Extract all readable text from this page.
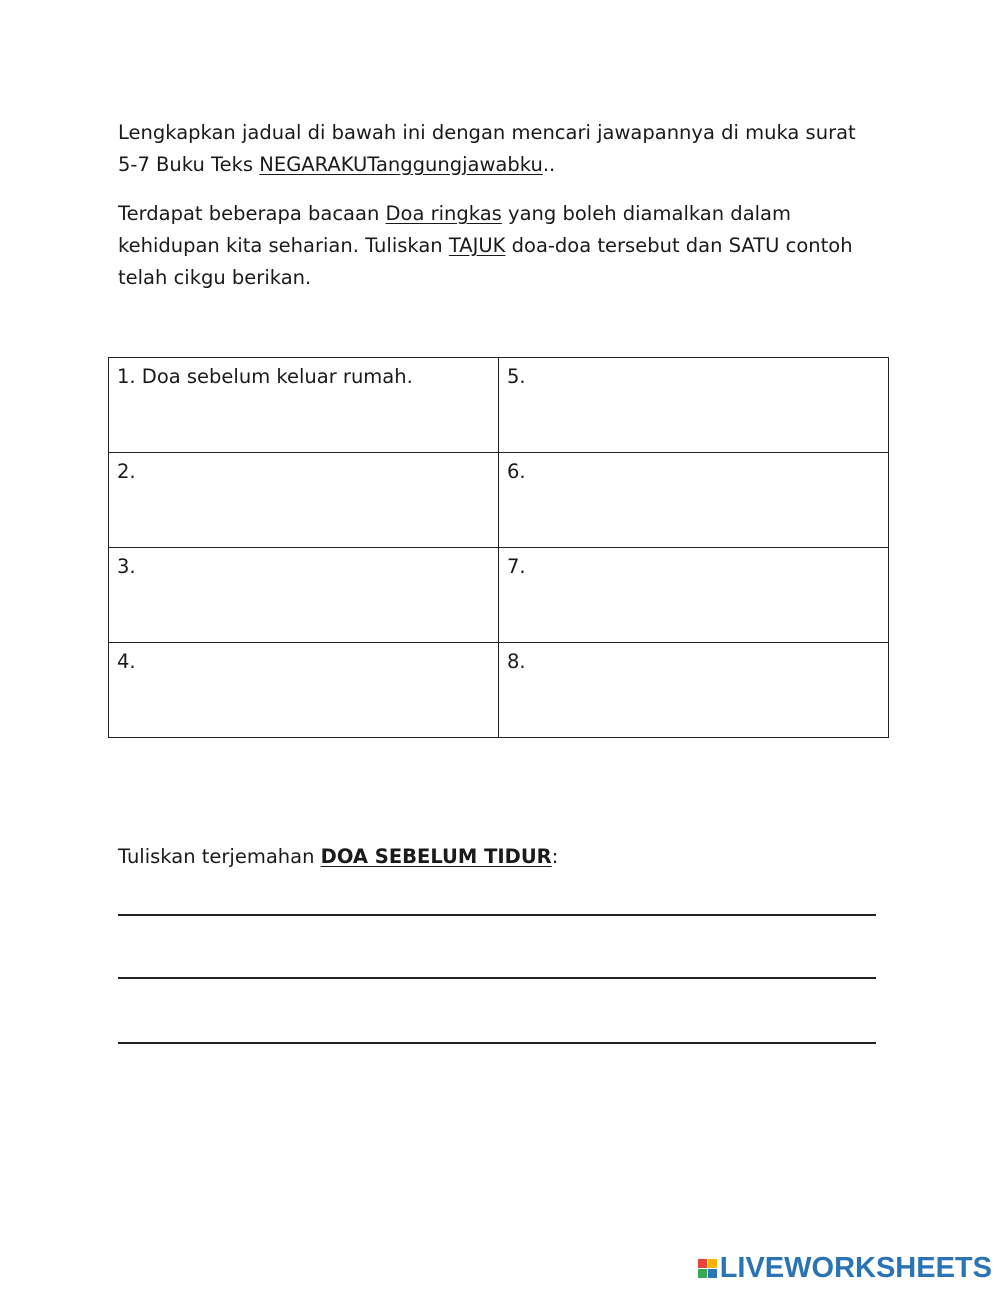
Lengkapkan jadual di bawah ini dengan mencari jawapannya di muka surat 5-7 Buku Teks NEGARAKUTanggungjawabku..

Terdapat beberapa bacaan Doa ringkas yang boleh diamalkan dalam kehidupan kita seharian. Tuliskan TAJUK doa-doa tersebut dan SATU contoh telah cikgu berikan.

1. Doa sebelum keluar rumah.	5.
2.	6.
3.	7.
4.	8.

Tuliskan terjemahan DOA SEBELUM TIDUR:

LIVEWORKSHEETS
